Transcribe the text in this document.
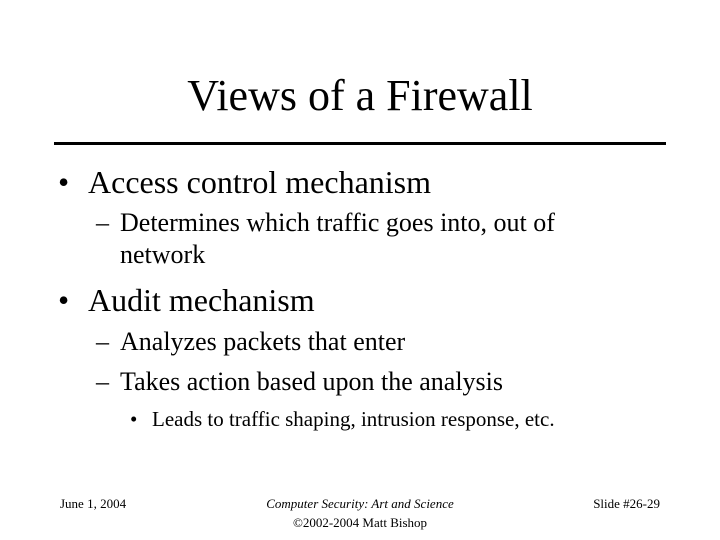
Views of a Firewall
• Access control mechanism
– Determines which traffic goes into, out of
network
• Audit mechanism
– Analyzes packets that enter
– Takes action based upon the analysis
• Leads to traffic shaping, intrusion response, etc.
June 1, 2004	Computer Security: Art and Science
©2002-2004 Matt Bishop
Slide #26-29
